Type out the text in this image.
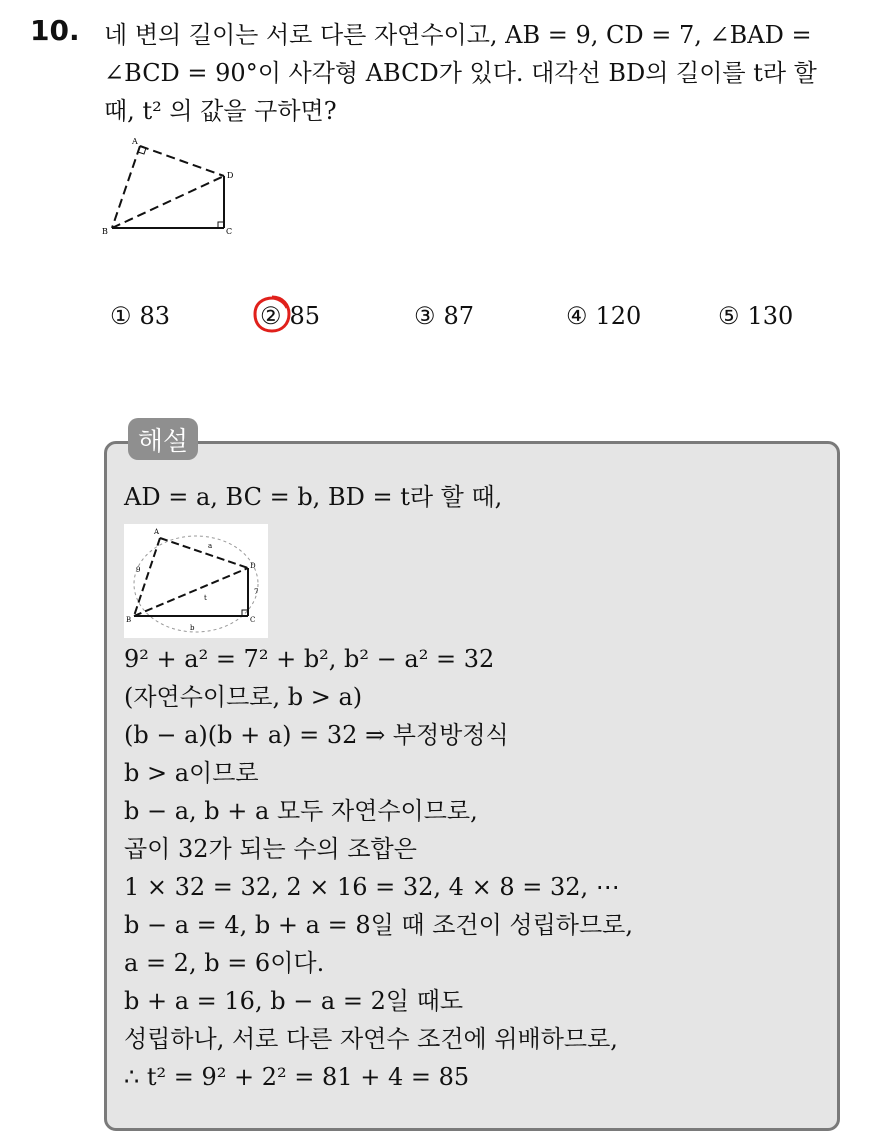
10. 네 변의 길이는 서로 다른 자연수이고, AB = 9, CD = 7, ∠BAD =
∠BCD = 90°이 사각형 ABCD가 있다. 대각선 BD의 길이를 t라 할
때, t² 의 값을 구하면?
A
B	C
D
① 83	② 85	③ 87	④ 120	⑤ 130
해설
AD = a, BC = b, BD = t라 할 때,
9² + a² = 7² + b², b² − a² = 32
(자연수이므로, b > a)
(b − a)(b + a) = 32 ⇒ 부정방정식
b > a이므로
b − a, b + a 모두 자연수이므로,
곱이 32가 되는 수의 조합은
1 × 32 = 32, 2 × 16 = 32, 4 × 8 = 32, ⋯
b − a = 4, b + a = 8일 때 조건이 성립하므로,
a = 2, b = 6이다.
b + a = 16, b − a = 2일 때도
성립하나, 서로 다른 자연수 조건에 위배하므로,
∴ t² = 9² + 2² = 81 + 4 = 85
A
B	C
D
9
a
7
t
b
